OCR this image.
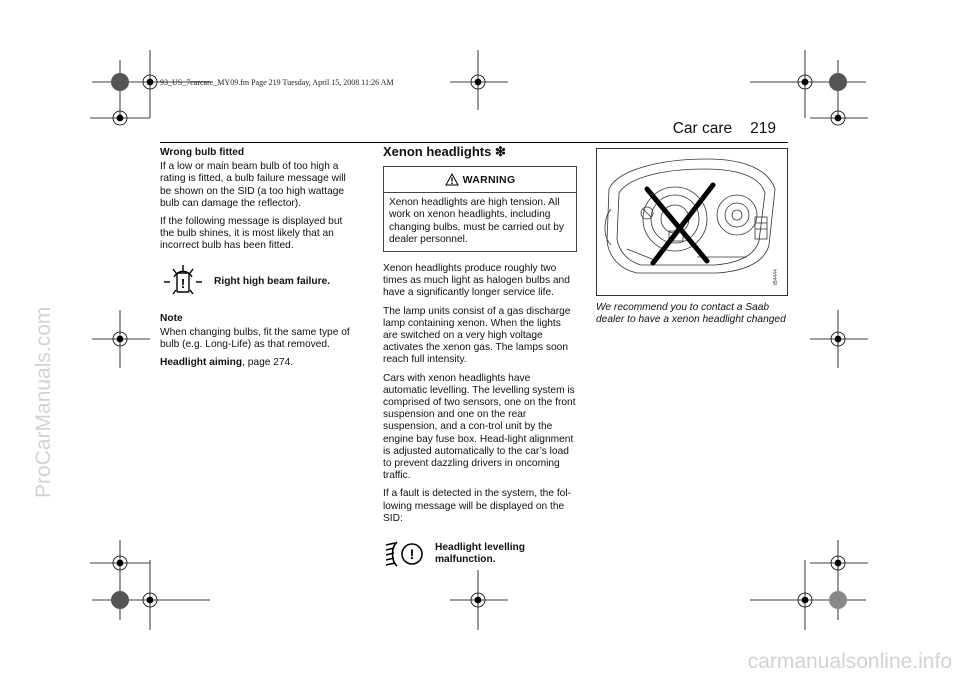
93_US_7carcare_MY09.fm Page 219 Tuesday, April 15, 2008 11:26 AM
ProCarManuals.com
carmanualsonline.info
Car care 219

Wrong bulb fitted

If a low or main beam bulb of too high a rating is fitted, a bulb failure message will be shown on the SID (a too high wattage bulb can damage the reflector).

If the following message is displayed but the bulb shines, it is most likely that an incorrect bulb has been fitted.

!	Right high beam failure.

Note

When changing bulbs, fit the same type of bulb (e.g. Long-Life) as that removed.

Headlight aiming, page 274.

Xenon headlights ❇
WARNING
Xenon headlights are high tension. All work on xenon headlights, including changing bulbs, must be carried out by dealer personnel.

Xenon headlights produce roughly two times as much light as halogen bulbs and have a significantly longer service life.

The lamp units consist of a gas discharge lamp containing xenon. When the lights are switched on a very high voltage activates the xenon gas. The lamps soon reach full intensity.

Cars with xenon headlights have automatic levelling. The levelling system is comprised of two sensors, one on the front suspension and one on the rear suspension, and a con-trol unit by the engine bay fuse box. Head-light alignment is adjusted automatically to the car’s load to prevent dazzling drivers in oncoming traffic.

If a fault is detected in the system, the fol-lowing message will be displayed on the SID:

! Headlight levelling malfunction.
IB4444

We recommend you to contact a Saab dealer to have a xenon headlight changed
